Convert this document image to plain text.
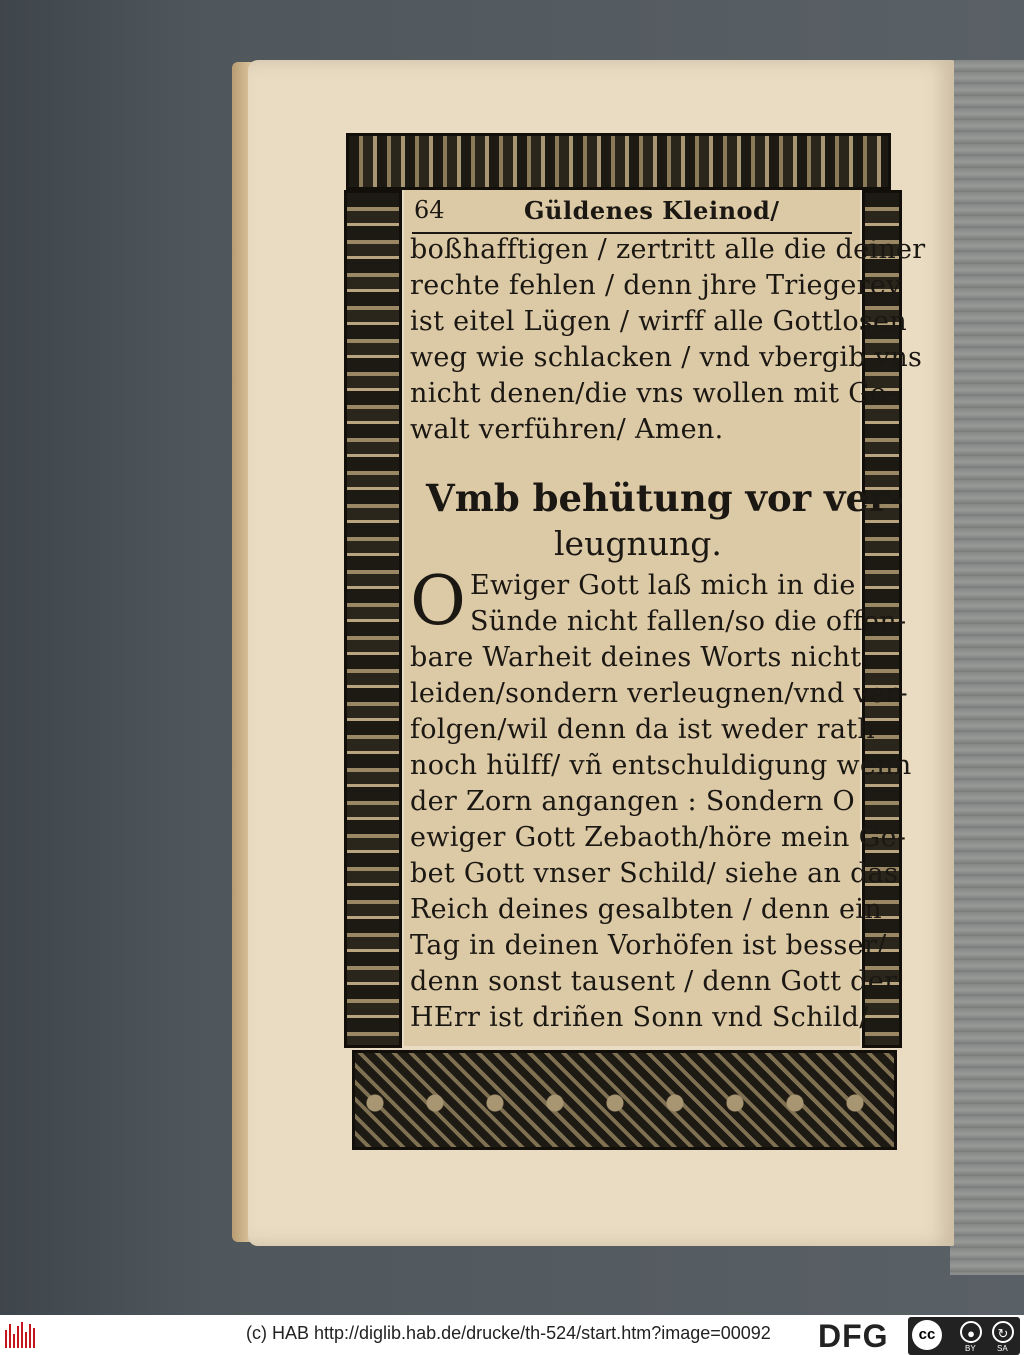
64	Güldenes Kleinod/
boßhafftigen / zertritt alle die deiner
rechte fehlen / denn jhre Triegerey
ist eitel Lügen / wirff alle Gottlosen
weg wie schlacken / vnd vbergib vns
nicht denen/die vns wollen mit Ge-
walt verführen/ Amen.
Vmb behütung vor ver-
leugnung.
O Ewiger Gott laß mich in die
Sünde nicht fallen/so die offen-
bare Warheit deines Worts nicht
leiden/sondern verleugnen/vnd ver-
folgen/wil denn da ist weder rath
noch hülff/ vñ entschuldigung wenn
der Zorn angangen : Sondern O
ewiger Gott Zebaoth/höre mein Ge-
bet Gott vnser Schild/ siehe an das
Reich deines gesalbten / denn ein
Tag in deinen Vorhöfen ist besser/
denn sonst tausent / denn Gott der
HErr ist driñen Sonn vnd Schild/
(c) HAB http://diglib.hab.de/drucke/th-524/start.htm?image=00092 DFG	cc	●	↻
BY	SA
